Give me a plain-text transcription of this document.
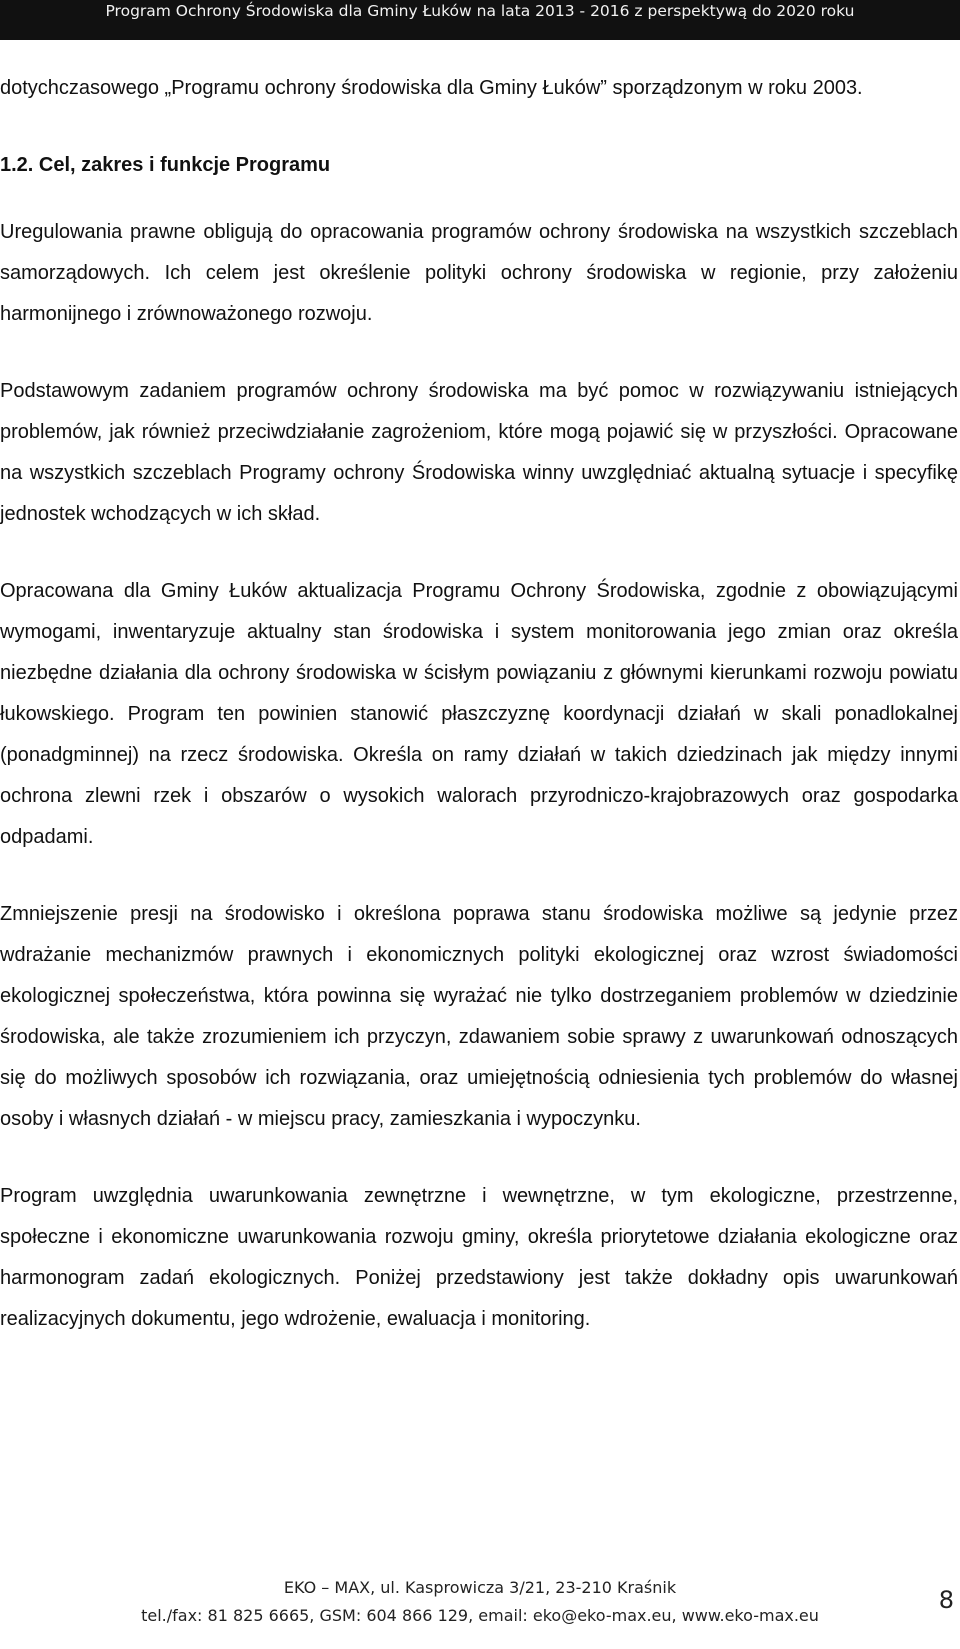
Program Ochrony Środowiska dla Gminy Łuków na lata 2013 - 2016 z perspektywą do 2020 roku

dotychczasowego „Programu ochrony środowiska dla Gminy Łuków” sporządzonym w roku 2003.

1.2. Cel, zakres i funkcje Programu

Uregulowania prawne obligują do opracowania programów ochrony środowiska na wszystkich szczeblach samorządowych. Ich celem jest określenie polityki ochrony środowiska w regionie, przy założeniu harmonijnego i zrównoważonego rozwoju.

Podstawowym zadaniem programów ochrony środowiska ma być pomoc w rozwiązywaniu istniejących problemów, jak również przeciwdziałanie zagrożeniom, które mogą pojawić się w przyszłości. Opracowane na wszystkich szczeblach Programy ochrony Środowiska winny uwzględniać aktualną sytuacje i specyfikę jednostek wchodzących w ich skład.

Opracowana dla Gminy Łuków aktualizacja Programu Ochrony Środowiska, zgodnie z obowiązującymi wymogami, inwentaryzuje aktualny stan środowiska i system monitorowania jego zmian oraz określa niezbędne działania dla ochrony środowiska w ścisłym powiązaniu z głównymi kierunkami rozwoju powiatu łukowskiego. Program ten powinien stanowić płaszczyznę koordynacji działań w skali ponadlokalnej (ponadgminnej) na rzecz środowiska. Określa on ramy działań w takich dziedzinach jak między innymi ochrona zlewni rzek i obszarów o wysokich walorach przyrodniczo-krajobrazowych oraz gospodarka odpadami.

Zmniejszenie presji na środowisko i określona poprawa stanu środowiska możliwe są jedynie przez wdrażanie mechanizmów prawnych i ekonomicznych polityki ekologicznej oraz wzrost świadomości ekologicznej społeczeństwa, która powinna się wyrażać nie tylko dostrzeganiem problemów w dziedzinie środowiska, ale także zrozumieniem ich przyczyn, zdawaniem sobie sprawy z uwarunkowań odnoszących się do możliwych sposobów ich rozwiązania, oraz umiejętnością odniesienia tych problemów do własnej osoby i własnych działań - w miejscu pracy, zamieszkania i wypoczynku.

Program uwzględnia uwarunkowania zewnętrzne i wewnętrzne, w tym ekologiczne, przestrzenne, społeczne i ekonomiczne uwarunkowania rozwoju gminy, określa priorytetowe działania ekologiczne oraz harmonogram zadań ekologicznych. Poniżej przedstawiony jest także dokładny opis uwarunkowań realizacyjnych dokumentu, jego wdrożenie, ewaluacja i monitoring.

EKO – MAX, ul. Kasprowicza 3/21, 23-210 Kraśnik
tel./fax: 81 825 6665, GSM: 604 866 129, email: eko@eko-max.eu, www.eko-max.eu
8
